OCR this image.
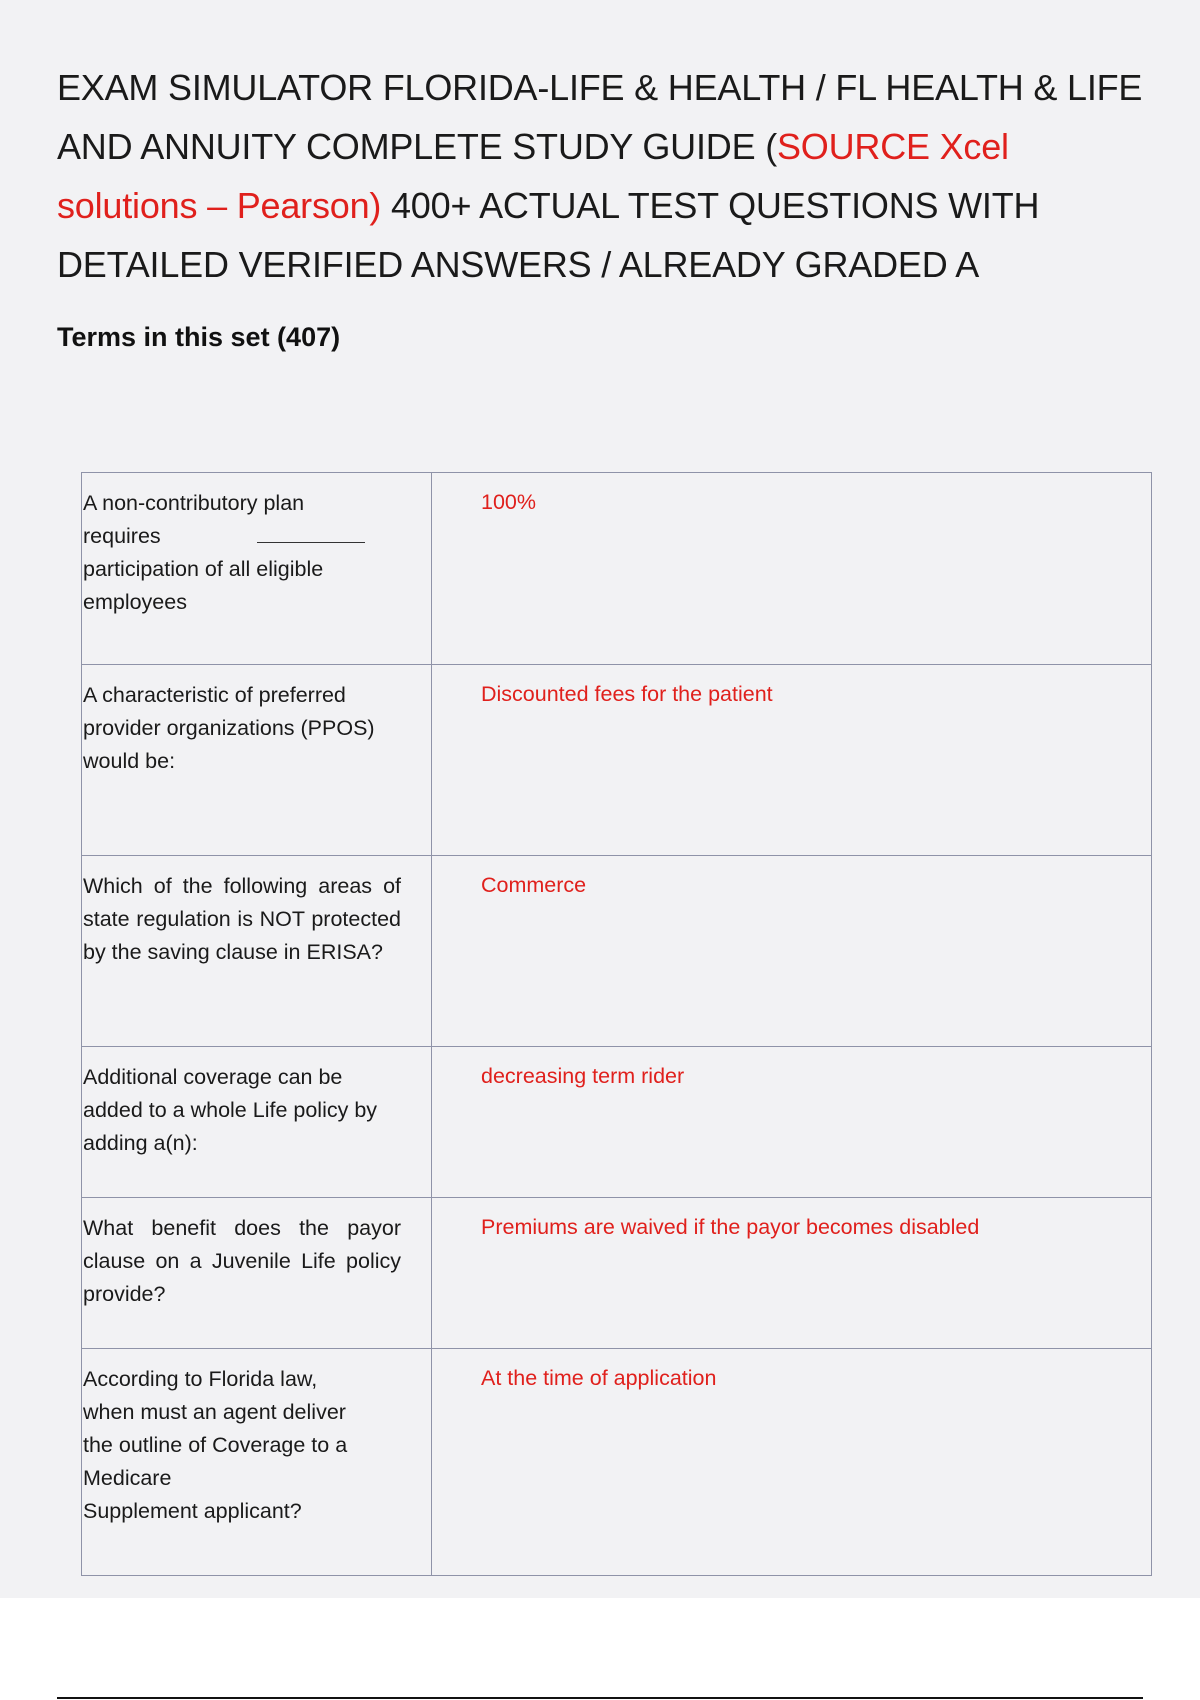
EXAM SIMULATOR FLORIDA-LIFE & HEALTH / FL HEALTH & LIFE AND ANNUITY COMPLETE STUDY GUIDE (SOURCE Xcel solutions – Pearson) 400+ ACTUAL TEST QUESTIONS WITH DETAILED VERIFIED ANSWERS / ALREADY GRADED A
Terms in this set (407)
A non-contributory plan
requires
participation of all eligible
employees	100%
A characteristic of preferred provider organizations (PPOS) would be:	Discounted fees for the patient
Which of the following areas of state regulation is NOT protected by the saving clause in ERISA?	Commerce
Additional coverage can be added to a whole Life policy by adding a(n):	decreasing term rider
What benefit does the payor clause on a Juvenile Life policy provide?	Premiums are waived if the payor becomes disabled

According to Florida law,
when must an agent deliver
the outline of Coverage to a
Medicare
Supplement applicant?	At the time of application
